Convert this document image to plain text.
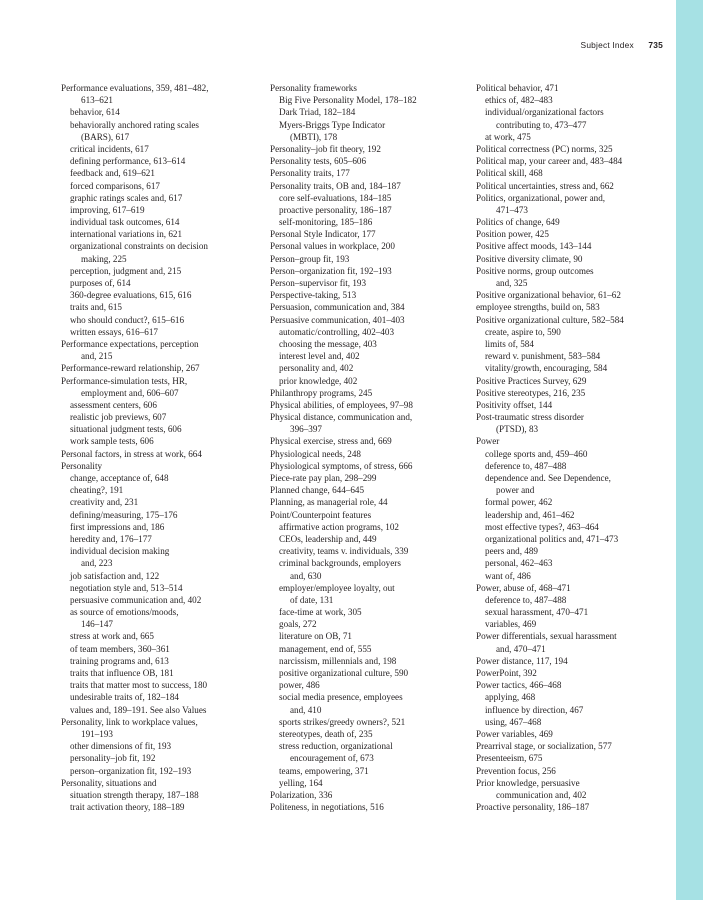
Subject Index 735
Performance evaluations, 359, 481–482,
613–621
behavior, 614
behaviorally anchored rating scales
(BARS), 617
critical incidents, 617
defining performance, 613–614
feedback and, 619–621
forced comparisons, 617
graphic ratings scales and, 617
improving, 617–619
individual task outcomes, 614
international variations in, 621
organizational constraints on decision
making, 225
perception, judgment and, 215
purposes of, 614
360-degree evaluations, 615, 616
traits and, 615
who should conduct?, 615–616
written essays, 616–617
Performance expectations, perception
and, 215
Performance-reward relationship, 267
Performance-simulation tests, HR,
employment and, 606–607
assessment centers, 606
realistic job previews, 607
situational judgment tests, 606
work sample tests, 606
Personal factors, in stress at work, 664
Personality
change, acceptance of, 648
cheating?, 191
creativity and, 231
defining/measuring, 175–176
first impressions and, 186
heredity and, 176–177
individual decision making
and, 223
job satisfaction and, 122
negotiation style and, 513–514
persuasive communication and, 402
as source of emotions/moods,
146–147
stress at work and, 665
of team members, 360–361
training programs and, 613
traits that influence OB, 181
traits that matter most to success, 180
undesirable traits of, 182–184
values and, 189–191. See also Values
Personality, link to workplace values,
191–193
other dimensions of fit, 193
personality–job fit, 192
person–organization fit, 192–193
Personality, situations and
situation strength therapy, 187–188
trait activation theory, 188–189
Personality frameworks
Big Five Personality Model, 178–182
Dark Triad, 182–184
Myers-Briggs Type Indicator
(MBTI), 178
Personality–job fit theory, 192
Personality tests, 605–606
Personality traits, 177
Personality traits, OB and, 184–187
core self-evaluations, 184–185
proactive personality, 186–187
self-monitoring, 185–186
Personal Style Indicator, 177
Personal values in workplace, 200
Person–group fit, 193
Person–organization fit, 192–193
Person–supervisor fit, 193
Perspective-taking, 513
Persuasion, communication and, 384
Persuasive communication, 401–403
automatic/controlling, 402–403
choosing the message, 403
interest level and, 402
personality and, 402
prior knowledge, 402
Philanthropy programs, 245
Physical abilities, of employees, 97–98
Physical distance, communication and,
396–397
Physical exercise, stress and, 669
Physiological needs, 248
Physiological symptoms, of stress, 666
Piece-rate pay plan, 298–299
Planned change, 644–645
Planning, as managerial role, 44
Point/Counterpoint features
affirmative action programs, 102
CEOs, leadership and, 449
creativity, teams v. individuals, 339
criminal backgrounds, employers
and, 630
employer/employee loyalty, out
of date, 131
face-time at work, 305
goals, 272
literature on OB, 71
management, end of, 555
narcissism, millennials and, 198
positive organizational culture, 590
power, 486
social media presence, employees
and, 410
sports strikes/greedy owners?, 521
stereotypes, death of, 235
stress reduction, organizational
encouragement of, 673
teams, empowering, 371
yelling, 164
Polarization, 336
Politeness, in negotiations, 516
Political behavior, 471
ethics of, 482–483
individual/organizational factors
contributing to, 473–477
at work, 475
Political correctness (PC) norms, 325
Political map, your career and, 483–484
Political skill, 468
Political uncertainties, stress and, 662
Politics, organizational, power and,
471–473
Politics of change, 649
Position power, 425
Positive affect moods, 143–144
Positive diversity climate, 90
Positive norms, group outcomes
and, 325
Positive organizational behavior, 61–62
employee strengths, build on, 583
Positive organizational culture, 582–584
create, aspire to, 590
limits of, 584
reward v. punishment, 583–584
vitality/growth, encouraging, 584
Positive Practices Survey, 629
Positive stereotypes, 216, 235
Positivity offset, 144
Post-traumatic stress disorder
(PTSD), 83
Power
college sports and, 459–460
deference to, 487–488
dependence and. See Dependence,
power and
formal power, 462
leadership and, 461–462
most effective types?, 463–464
organizational politics and, 471–473
peers and, 489
personal, 462–463
want of, 486
Power, abuse of, 468–471
deference to, 487–488
sexual harassment, 470–471
variables, 469
Power differentials, sexual harassment
and, 470–471
Power distance, 117, 194
PowerPoint, 392
Power tactics, 466–468
applying, 468
influence by direction, 467
using, 467–468
Power variables, 469
Prearrival stage, or socialization, 577
Presenteeism, 675
Prevention focus, 256
Prior knowledge, persuasive
communication and, 402
Proactive personality, 186–187
